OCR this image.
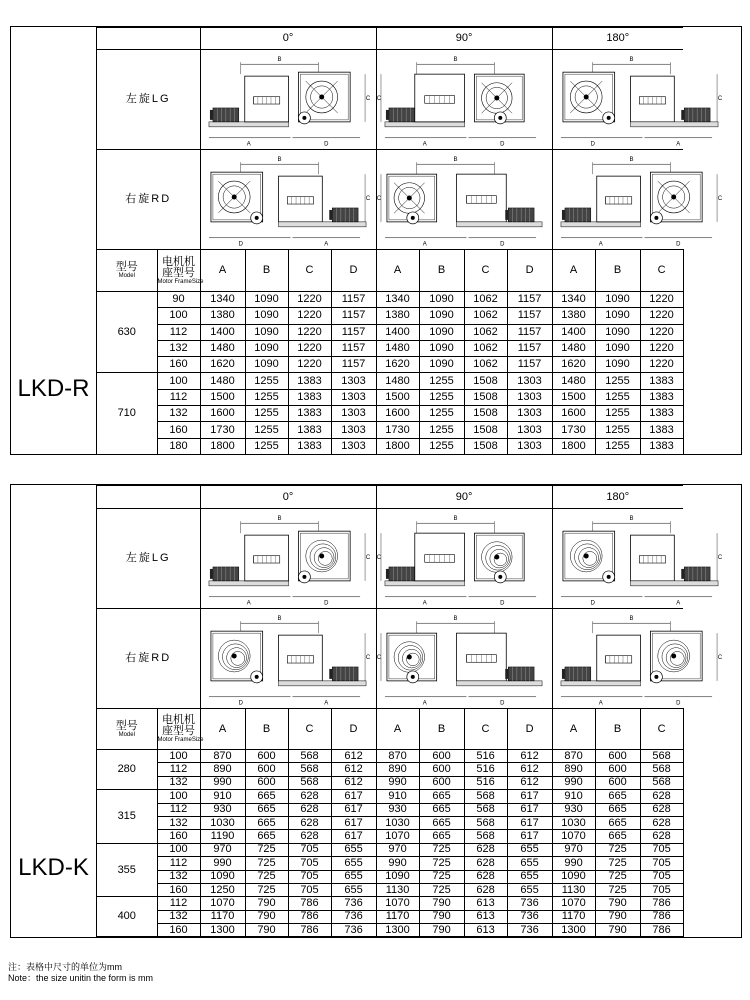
LKD-R
		0°				90°				180°			
左旋LG		B
A D
C				B
C
A D				B
D A
C			

右旋RD		B
D A
C				B
C
A D				B
A D
C			

型号
Model	电机机座型号
Motor FrameSize	A	B	C	D	A	B	C	D	A	B	C	
630	90	1340	1090	1220	1157	1340	1090	1062	1157	1340	1090	1220	
	100	1380	1090	1220	1157	1380	1090	1062	1157	1380	1090	1220	
	112	1400	1090	1220	1157	1400	1090	1062	1157	1400	1090	1220	
	132	1480	1090	1220	1157	1480	1090	1062	1157	1480	1090	1220	
	160	1620	1090	1220	1157	1620	1090	1062	1157	1620	1090	1220	
710	100	1480	1255	1383	1303	1480	1255	1508	1303	1480	1255	1383	
	112	1500	1255	1383	1303	1500	1255	1508	1303	1500	1255	1383	
	132	1600	1255	1383	1303	1600	1255	1508	1303	1600	1255	1383	
	160	1730	1255	1383	1303	1730	1255	1508	1303	1730	1255	1383	
	180	1800	1255	1383	1303	1800	1255	1508	1303	1800	1255	1383	
LKD-K
		0°				90°				180°			
左旋LG		B
A D
C				B
C
A D				B
D A
C			

右旋RD		B
D A
C				B
C
A D				B
A D
C			

型号
Model	电机机座型号
Motor FrameSize	A	B	C	D	A	B	C	D	A	B	C	
280	100	870	600	568	612	870	600	516	612	870	600	568	
	112	890	600	568	612	890	600	516	612	890	600	568	
	132	990	600	568	612	990	600	516	612	990	600	568	
315	100	910	665	628	617	910	665	568	617	910	665	628	
	112	930	665	628	617	930	665	568	617	930	665	628	
	132	1030	665	628	617	1030	665	568	617	1030	665	628	
	160	1190	665	628	617	1070	665	568	617	1070	665	628	
355	100	970	725	705	655	970	725	628	655	970	725	705	
	112	990	725	705	655	990	725	628	655	990	725	705	
	132	1090	725	705	655	1090	725	628	655	1090	725	705	
	160	1250	725	705	655	1130	725	628	655	1130	725	705	
400	112	1070	790	786	736	1070	790	613	736	1070	790	786	
	132	1170	790	786	736	1170	790	613	736	1170	790	786	
	160	1300	790	786	736	1300	790	613	736	1300	790	786	
注：表格中尺寸的单位为mm
Note：the size unitin the form is mm
